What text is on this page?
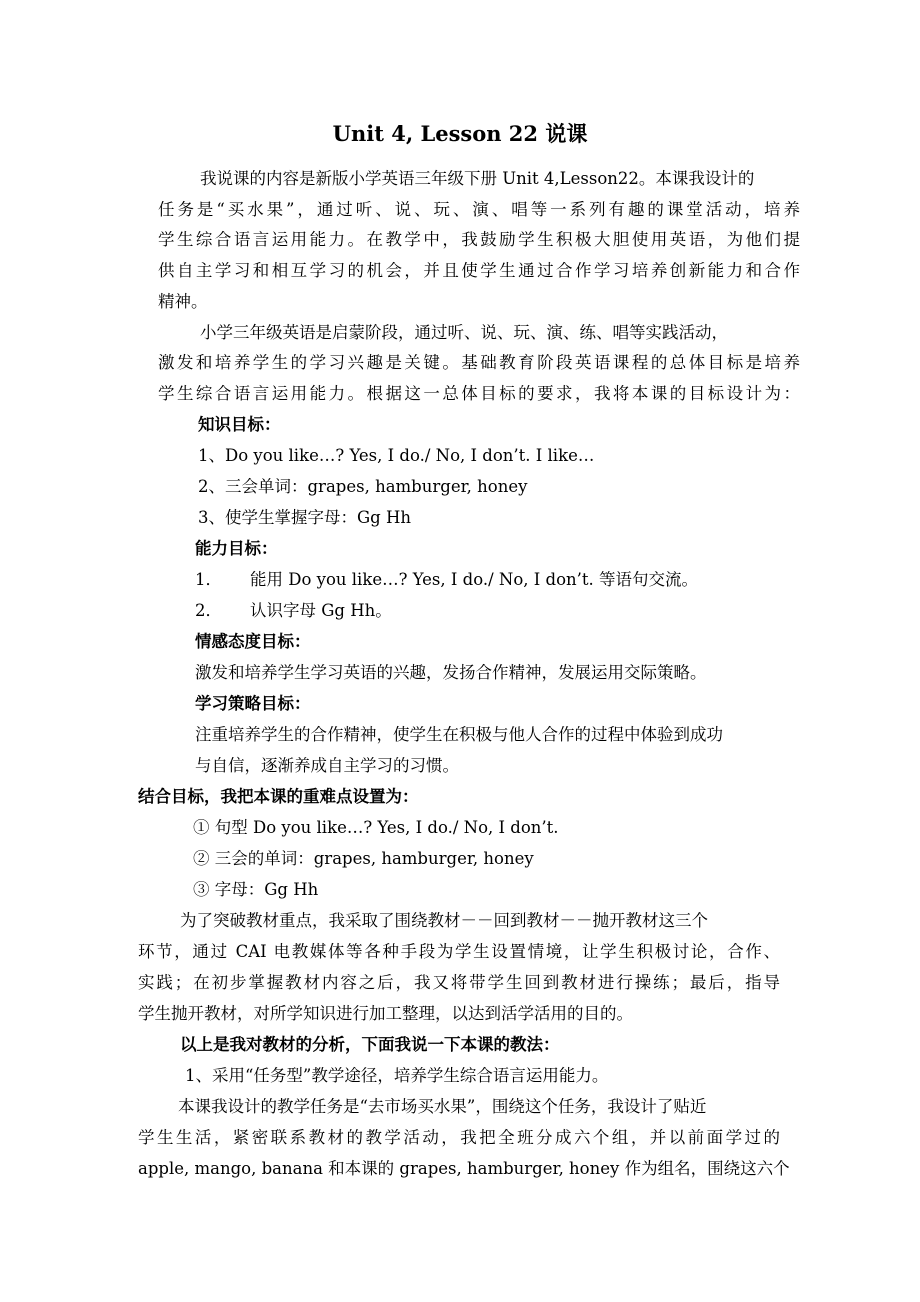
Unit 4, Lesson 22 说课
我说课的内容是新版小学英语三年级下册 Unit 4,Lesson22。本课我设计的
任务是“买水果”，通过听、说、玩、演、唱等一系列有趣的课堂活动，培养
学生综合语言运用能力。在教学中，我鼓励学生积极大胆使用英语，为他们提
供自主学习和相互学习的机会，并且使学生通过合作学习培养创新能力和合作
精神。
小学三年级英语是启蒙阶段，通过听、说、玩、演、练、唱等实践活动，
激发和培养学生的学习兴趣是关键。基础教育阶段英语课程的总体目标是培养
学生综合语言运用能力。根据这一总体目标的要求，我将本课的目标设计为：
知识目标：
1、Do you like…? Yes, I do./ No, I don’t. I like…
2、三会单词：grapes, hamburger, honey
3、使学生掌握字母：Gg Hh
能力目标：
1． 能用 Do you like…? Yes, I do./ No, I don’t. 等语句交流。
2． 认识字母 Gg Hh。
情感态度目标：
激发和培养学生学习英语的兴趣，发扬合作精神，发展运用交际策略。
学习策略目标：
注重培养学生的合作精神，使学生在积极与他人合作的过程中体验到成功
与自信，逐渐养成自主学习的习惯。
结合目标，我把本课的重难点设置为：
① 句型 Do you like…? Yes, I do./ No, I don’t.
② 三会的单词：grapes, hamburger, honey
③ 字母：Gg Hh
为了突破教材重点，我采取了围绕教材－－回到教材－－抛开教材这三个
环节，通过 CAI 电教媒体等各种手段为学生设置情境，让学生积极讨论，合作、
实践；在初步掌握教材内容之后，我又将带学生回到教材进行操练；最后，指导
学生抛开教材，对所学知识进行加工整理，以达到活学活用的目的。
以上是我对教材的分析，下面我说一下本课的教法：
1、采用“任务型”教学途径，培养学生综合语言运用能力。
本课我设计的教学任务是“去市场买水果”，围绕这个任务，我设计了贴近
学生生活，紧密联系教材的教学活动，我把全班分成六个组，并以前面学过的
apple, mango, banana 和本课的 grapes, hamburger, honey 作为组名，围绕这六个
